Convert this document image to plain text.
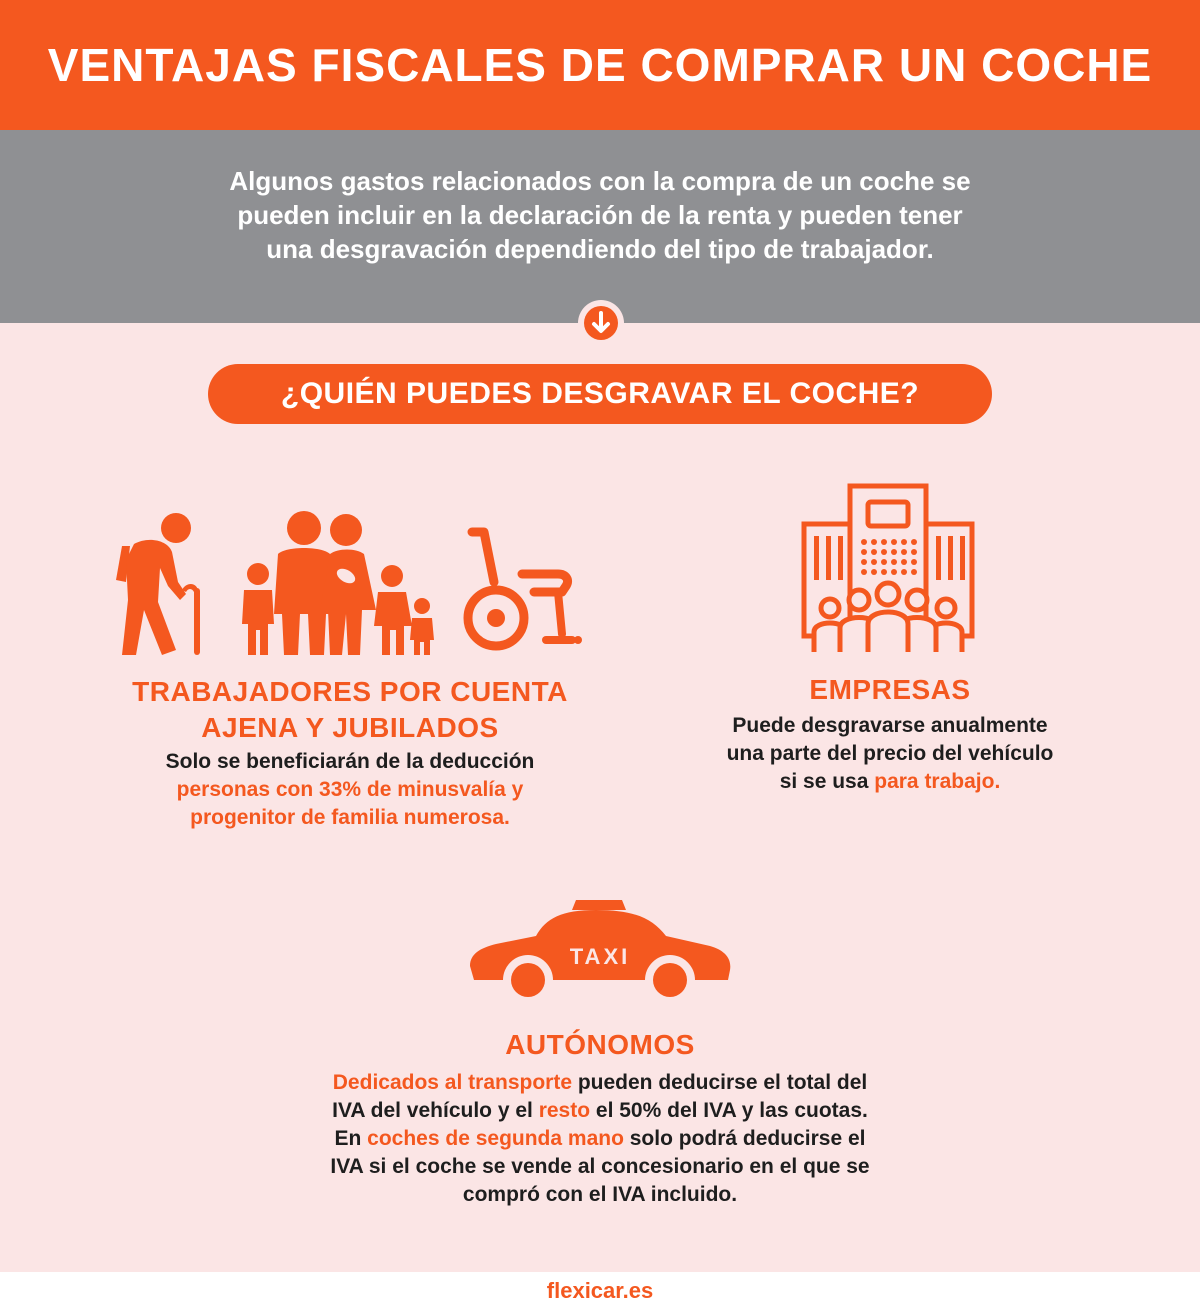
VENTAJAS FISCALES DE COMPRAR UN COCHE

Algunos gastos relacionados con la compra de un coche se
pueden incluir en la declaración de la renta y pueden tener
una desgravación dependiendo del tipo de trabajador.

¿QUIÉN PUEDES DESGRAVAR EL COCHE?
TRABAJADORES POR CUENTA
AJENA Y JUBILADOS
Solo se beneficiarán de la deducción
personas con 33% de minusvalía y
progenitor de familia numerosa.
EMPRESAS
Puede desgravarse anualmente
una parte del precio del vehículo
si se usa para trabajo.
TAXI
AUTÓNOMOS
Dedicados al transporte pueden deducirse el total del
IVA del vehículo y el resto el 50% del IVA y las cuotas.
En coches de segunda mano solo podrá deducirse el
IVA si el coche se vende al concesionario en el que se
compró con el IVA incluido.
flexicar.es
